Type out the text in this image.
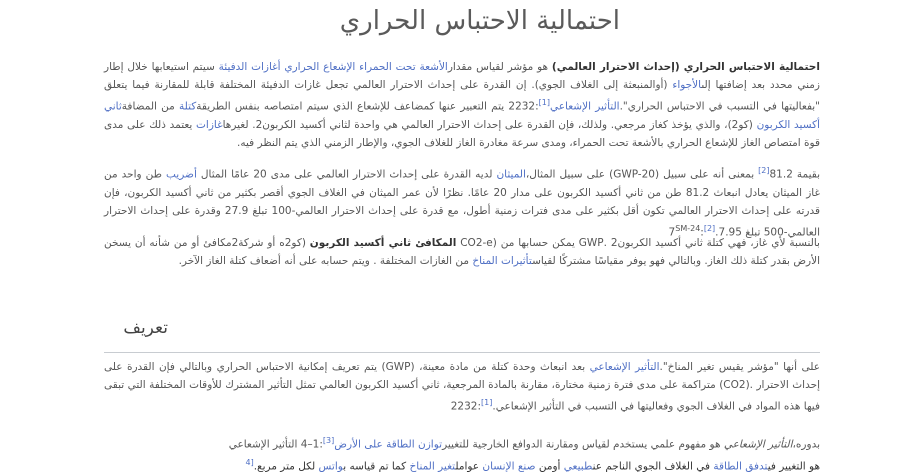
احتمالية الاحتباس الحراري

احتمالية الاحتباس الحراري (إحداث الاحترار العالمي) هو مؤشر لقياس مقدارالأشعة تحت الحمراء الإشعاع الحراري أغازات الدفيئة سيتم استيعابها خلال إطار زمني محدد بعد إضافتها إلىالأجواء (أوالمنبعثة إلى الغلاف الجوي). إن القدرة على إحداث الاحترار العالمي تجعل غازات الدفيئة المختلفة قابلة للمقارنة فيما يتعلق "بفعاليتها في التسبب في الاحتباس الحراري".التأثير الإشعاعي[1]:2232 يتم التعبير عنها كمضاعف للإشعاع الذي سيتم امتصاصه بنفس الطريقةكتلة من المضافةثاني أكسيد الكربون (كو2)، والذي يؤخذ كغاز مرجعي. ولذلك، فإن القدرة على إحداث الاحترار العالمي هي واحدة لثاني أكسيد الكربون2. لغيرهاغازات يعتمد ذلك على مدى قوة امتصاص الغاز للإشعاع الحراري بالأشعة تحت الحمراء، ومدى سرعة مغادرة الغاز للغلاف الجوي، والإطار الزمني الذي يتم النظر فيه.

بقيمة 81.2[2] بمعنى أنه على سبيل (GWP-20) على سبيل المثال،الميثان لديه القدرة على إحداث الاحترار العالمي على مدى 20 عامًا المثال أضريب طن واحد من غاز الميثان يعادل انبعاث 81.2 طن من ثاني أكسيد الكربون على مدار 20 عامًا. نظرًا لأن عمر الميثان في الغلاف الجوي أقصر بكثير من ثاني أكسيد الكربون، فإن قدرته على إحداث الاحترار العالمي تكون أقل بكثير على مدى فترات زمنية أطول، مع قدرة على إحداث الاحترار العالمي-100 تبلغ 27.9 وقدرة على إحداث الاحترار العالمي-500 تبلغ $7.95.[2]:7^{SM-24}$

بالنسبة لأي غاز، فهي كتلة ثاني أكسيد الكربون2 .GWP يمكن حسابها من (CO2-e المكافئ ثاني أكسيد الكربون (كو2ه أو شركة2مكافئ أو من شأنه أن يسخن الأرض بقدر كتلة ذلك الغاز. وبالتالي فهو يوفر مقياسًا مشتركًا لقياستأثيرات المناخ من الغازات المختلفة . ويتم حسابه على أنه أضعاف كتلة الغاز الآخر.

تعريف

على أنها "مؤشر يقيس تغير المناخ".التأثير الإشعاعي بعد انبعاث وحدة كتلة من مادة معينة، (GWP) يتم تعريف إمكانية الاحتباس الحراري وبالتالي فإن القدرة على إحداث الاحترار .(CO2) متراكمة على مدى فترة زمنية مختارة، مقارنة بالمادة المرجعية، ثاني أكسيد الكربون العالمي تمثل التأثير المشترك للأوقات المختلفة التي تبقى فيها هذه المواد في الغلاف الجوي وفعاليتها في التسبب في التأثير الإشعاعي.[1]:2232

بدوره،التأثير الإشعاعي هو مفهوم علمي يستخدم لقياس ومقارنة الدوافع الخارجية للتغييرتوازن الطاقة على الأرض[3]:1–4 التأثير الإشعاعي
هو التغيير فيتدفق الطاقة في الغلاف الجوي الناجم عنطبيعي أومن صنع الإنسان عواملتغير المناخ كما تم قياسه بواتس لكل متر مربع.$^{[4}$
